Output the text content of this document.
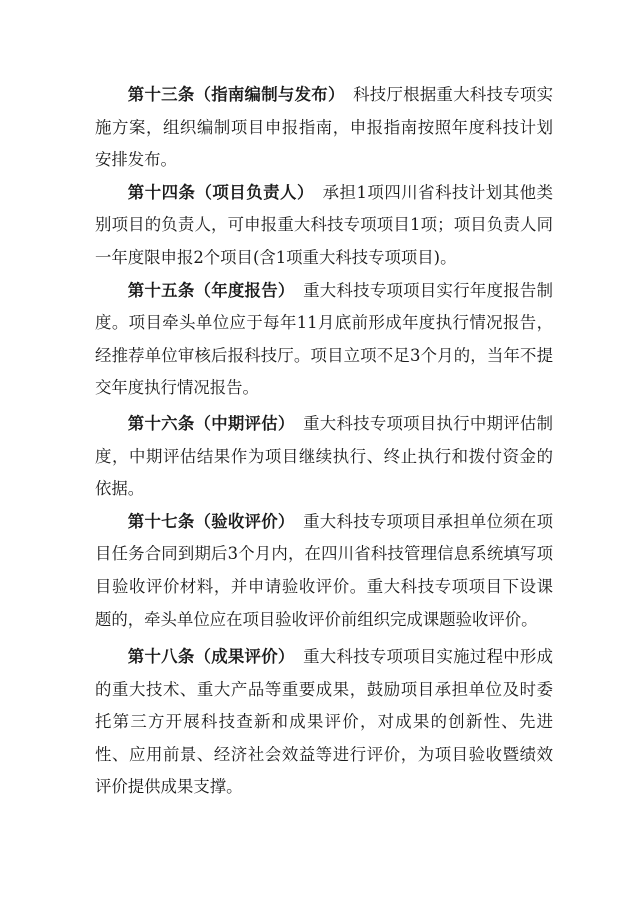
第十三条（指南编制与发布）　 科技厅根据重大科技专项实施方案，组织编制项目申报指南，申报指南按照年度科技计划安排发布。

第十四条（项目负责人）　 承担1项四川省科技计划其他类别项目的负责人，可申报重大科技专项项目1项；项目负责人同一年度限申报2个项目(含1项重大科技专项项目)。

第十五条（年度报告）　 重大科技专项项目实行年度报告制度。项目牵头单位应于每年11月底前形成年度执行情况报告，经推荐单位审核后报科技厅。项目立项不足3个月的，当年不提交年度执行情况报告。

第十六条（中期评估）　 重大科技专项项目执行中期评估制度，中期评估结果作为项目继续执行、终止执行和拨付资金的依据。

第十七条（验收评价）　 重大科技专项项目承担单位须在项目任务合同到期后3个月内，在四川省科技管理信息系统填写项目验收评价材料，并申请验收评价。重大科技专项项目下设课题的，牵头单位应在项目验收评价前组织完成课题验收评价。

第十八条（成果评价）　 重大科技专项项目实施过程中形成的重大技术、重大产品等重要成果，鼓励项目承担单位及时委托第三方开展科技查新和成果评价，对成果的创新性、先进性、应用前景、经济社会效益等进行评价，为项目验收暨绩效评价提供成果支撑。
